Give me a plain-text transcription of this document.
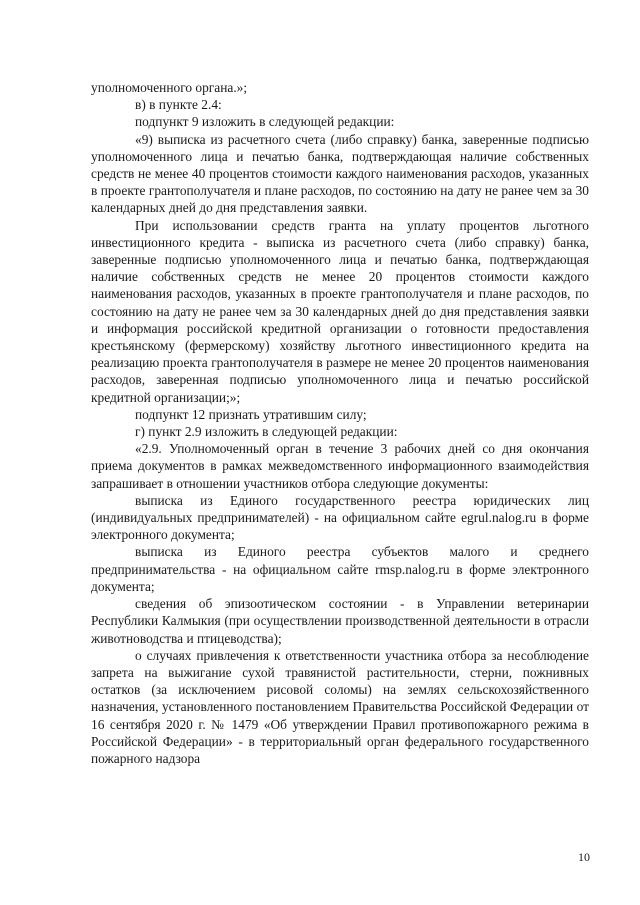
уполномоченного органа.»;

в) в пункте 2.4:

подпункт 9 изложить в следующей редакции:

«9) выписка из расчетного счета (либо справку) банка, заверенные подписью уполномоченного лица и печатью банка, подтверждающая наличие собственных средств не менее 40 процентов стоимости каждого наименования расходов, указанных в проекте грантополучателя и плане расходов, по состоянию на дату не ранее чем за 30 календарных дней до дня представления заявки.

При использовании средств гранта на уплату процентов льготного инвестиционного кредита - выписка из расчетного счета (либо справку) банка, заверенные подписью уполномоченного лица и печатью банка, подтверждающая наличие собственных средств не менее 20 процентов стоимости каждого наименования расходов, указанных в проекте грантополучателя и плане расходов, по состоянию на дату не ранее чем за 30 календарных дней до дня представления заявки и информация российской кредитной организации о готовности предоставления крестьянскому (фермерскому) хозяйству льготного инвестиционного кредита на реализацию проекта грантополучателя в размере не менее 20 процентов наименования расходов, заверенная подписью уполномоченного лица и печатью российской кредитной организации;»;

подпункт 12 признать утратившим силу;

г) пункт 2.9 изложить в следующей редакции:

«2.9. Уполномоченный орган в течение 3 рабочих дней со дня окончания приема документов в рамках межведомственного информационного взаимодействия запрашивает в отношении участников отбора следующие документы:

выписка из Единого государственного реестра юридических лиц (индивидуальных предпринимателей) - на официальном сайте egrul.nalog.ru в форме электронного документа;

выписка из Единого реестра субъектов малого и среднего предпринимательства - на официальном сайте rmsp.nalog.ru в форме электронного документа;

сведения об эпизоотическом состоянии - в Управлении ветеринарии Республики Калмыкия (при осуществлении производственной деятельности в отрасли животноводства и птицеводства);

о случаях привлечения к ответственности участника отбора за несоблюдение запрета на выжигание сухой травянистой растительности, стерни, пожнивных остатков (за исключением рисовой соломы) на землях сельскохозяйственного назначения, установленного постановлением Правительства Российской Федерации от 16 сентября 2020 г. № 1479 «Об утверждении Правил противопожарного режима в Российской Федерации» - в территориальный орган федерального государственного пожарного надзора

10
